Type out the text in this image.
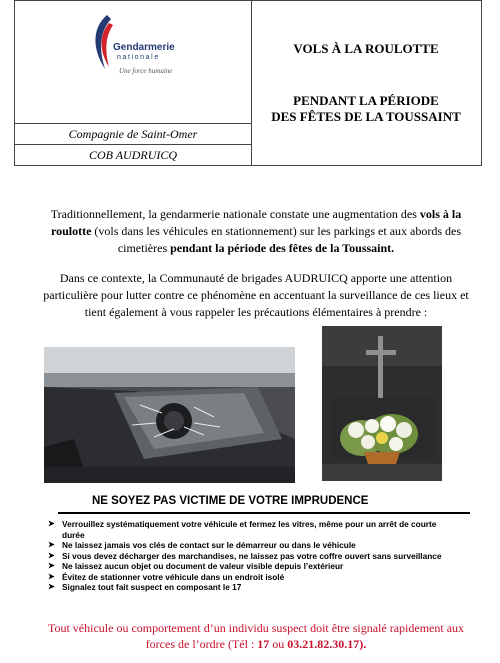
Gendarmerie
nationale
Une force humaine
Compagnie de Saint-Omer
COB AUDRUICQ
VOLS À LA ROULOTTE
PENDANT LA PÉRIODE
DES FÊTES DE LA TOUSSAINT
Traditionnellement, la gendarmerie nationale constate une augmentation des vols à la roulotte (vols dans les véhicules en stationnement) sur les parkings et aux abords des cimetières pendant la période des fêtes de la Toussaint.
Dans ce contexte, la Communauté de brigades AUDRUICQ apporte une attention particulière pour lutter contre ce phénomène en accentuant la surveillance de ces lieux et tient également à vous rappeler les précautions élémentaires à prendre :
NE SOYEZ PAS VICTIME DE VOTRE IMPRUDENCE
➤ Verrouillez systématiquement votre véhicule et fermez les vitres, même pour un arrêt de courte durée
➤ Ne laissez jamais vos clés de contact sur le démarreur ou dans le véhicule
➤ Si vous devez décharger des marchandises, ne laissez pas votre coffre ouvert sans surveillance
➤ Ne laissez aucun objet ou document de valeur visible depuis l’extérieur
➤ Évitez de stationner votre véhicule dans un endroit isolé
➤ Signalez tout fait suspect en composant le 17
Tout véhicule ou comportement d’un individu suspect doit être signalé rapidement aux forces de l’ordre (Tél : 17 ou 03.21.82.30.17).
